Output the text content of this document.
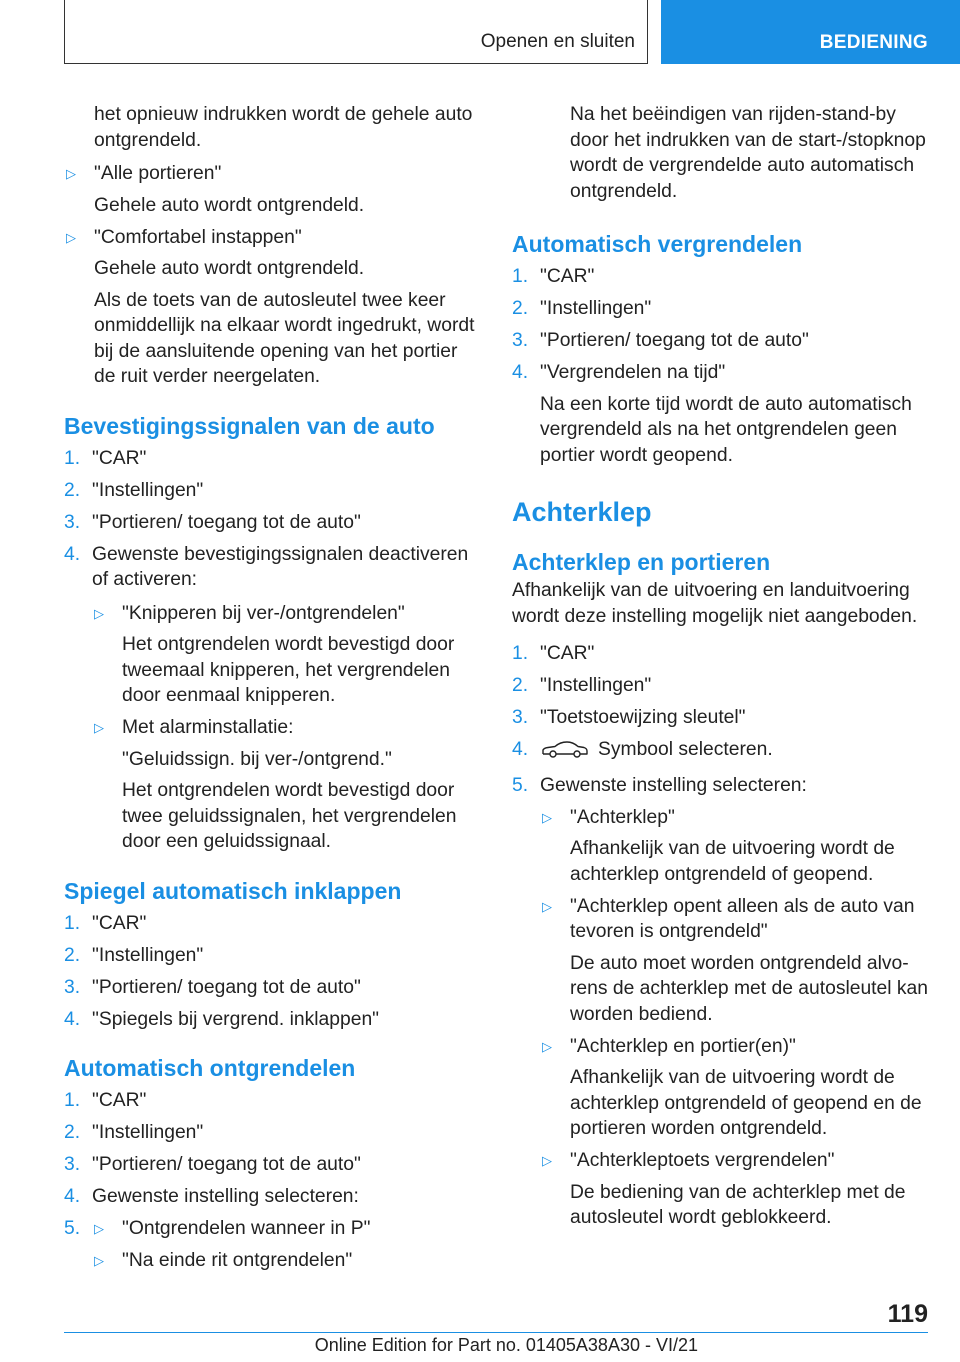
Openen en sluiten	BEDIENING

het opnieuw indrukken wordt de gehele auto ontgrendeld.

▷ "Alle portieren"

Gehele auto wordt ontgrendeld.

▷ "Comfortabel instappen"

Gehele auto wordt ontgrendeld.

Als de toets van de autosleutel twee keer onmiddellijk na elkaar wordt ingedrukt, wordt bij de aansluitende opening van het portier de ruit verder neergelaten.

Bevestigingssignalen van de auto
1. "CAR"

2. "Instellingen"

3. "Portieren/ toegang tot de auto"

4. Gewenste bevestigingssignalen deactiveren of activeren:

▷ "Knipperen bij ver-/ontgrendelen"

Het ontgrendelen wordt bevestigd door tweemaal knipperen, het vergrendelen door eenmaal knipperen.

▷ Met alarminstallatie:

"Geluidssign. bij ver-/ontgrend."

Het ontgrendelen wordt bevestigd door twee geluidssignalen, het vergrendelen door een geluidssignaal.

Spiegel automatisch inklappen
1. "CAR"

2. "Instellingen"

3. "Portieren/ toegang tot de auto"

4. "Spiegels bij vergrend. inklappen"

Automatisch ontgrendelen
1. "CAR"

2. "Instellingen"

3. "Portieren/ toegang tot de auto"

4. Gewenste instelling selecteren:

5. ▷ "Ontgrendelen wanneer in P"

▷ "Na einde rit ontgrendelen"

Na het beëindigen van rijden-stand-by door het indrukken van de start-/stopknop wordt de vergrendelde auto automatisch ontgrendeld.

Automatisch vergrendelen
1. "CAR"

2. "Instellingen"

3. "Portieren/ toegang tot de auto"

4. "Vergrendelen na tijd"

Na een korte tijd wordt de auto automatisch vergrendeld als na het ontgrendelen geen portier wordt geopend.

Achterklep
Achterklep en portieren

Afhankelijk van de uitvoering en landuitvoering wordt deze instelling mogelijk niet aangeboden.

1. "CAR"

2. "Instellingen"

3. "Toetstoewijzing sleutel"

4.	Symbool selecteren.

5. Gewenste instelling selecteren:

▷ "Achterklep"

Afhankelijk van de uitvoering wordt de achterklep ontgrendeld of geopend.

▷ "Achterklep opent alleen als de auto van tevoren is ontgrendeld"

De auto moet worden ontgrendeld alvo-rens de achterklep met de autosleutel kan worden bediend.

▷ "Achterklep en portier(en)"

Afhankelijk van de uitvoering wordt de achterklep ontgrendeld of geopend en de portieren worden ontgrendeld.

▷ "Achterkleptoets vergrendelen"

De bediening van de achterklep met de autosleutel wordt geblokkeerd.

119
Online Edition for Part no. 01405A38A30 - VI/21
